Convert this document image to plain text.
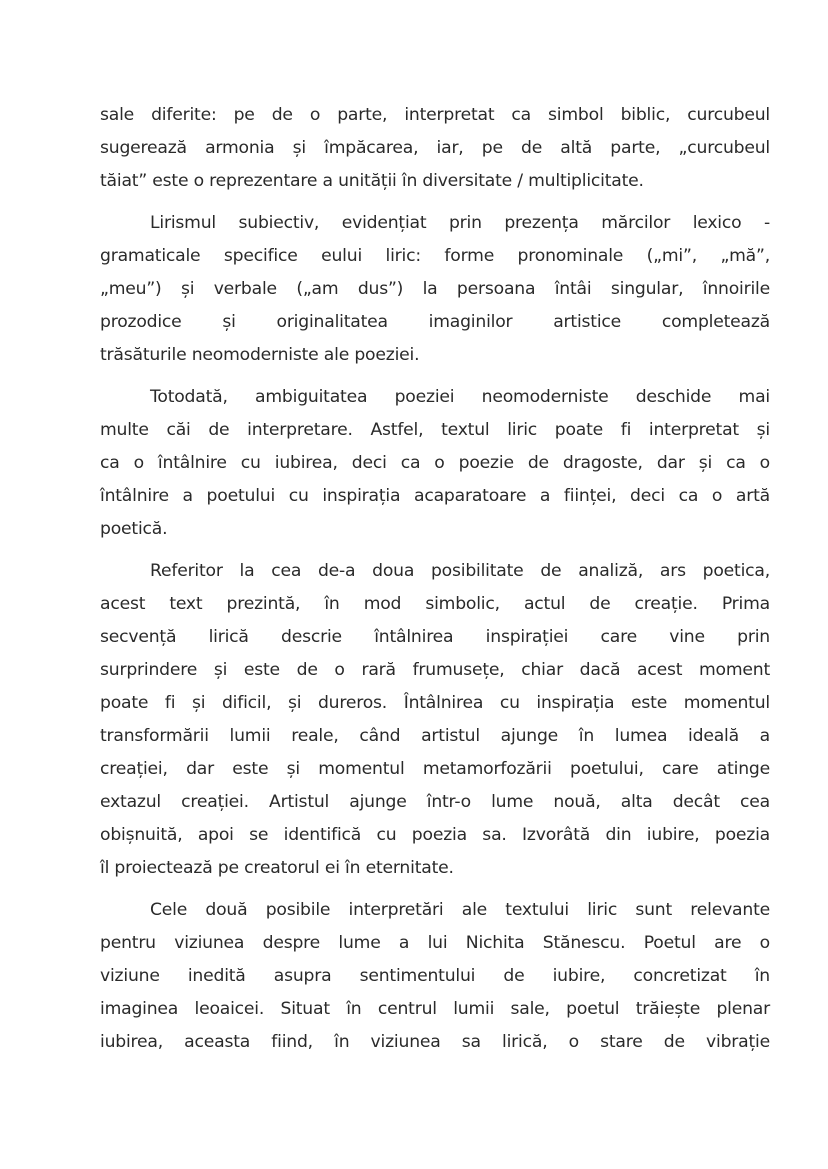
sale diferite: pe de o parte, interpretat ca simbol biblic, curcubeul
sugerează armonia și împăcarea, iar, pe de altă parte, „curcubeul
tăiat” este o reprezentare a unității în diversitate / multiplicitate.
Lirismul subiectiv, evidențiat prin prezența mărcilor lexico -
gramaticale specifice eului liric: forme pronominale („mi”, „mă”,
„meu”) și verbale („am dus”) la persoana întâi singular, înnoirile
prozodice și originalitatea imaginilor artistice completează
trăsăturile neomoderniste ale poeziei.
Totodată, ambiguitatea poeziei neomoderniste deschide mai
multe căi de interpretare. Astfel, textul liric poate fi interpretat și
ca o întâlnire cu iubirea, deci ca o poezie de dragoste, dar și ca o
întâlnire a poetului cu inspirația acaparatoare a ființei, deci ca o artă
poetică.
Referitor la cea de-a doua posibilitate de analiză, ars poetica,
acest text prezintă, în mod simbolic, actul de creație. Prima
secvență lirică descrie întâlnirea inspirației care vine prin
surprindere și este de o rară frumusețe, chiar dacă acest moment
poate fi și dificil, și dureros. Întâlnirea cu inspirația este momentul
transformării lumii reale, când artistul ajunge în lumea ideală a
creației, dar este și momentul metamorfozării poetului, care atinge
extazul creației. Artistul ajunge într-o lume nouă, alta decât cea
obișnuită, apoi se identifică cu poezia sa. Izvorâtă din iubire, poezia
îl proiectează pe creatorul ei în eternitate.
Cele două posibile interpretări ale textului liric sunt relevante
pentru viziunea despre lume a lui Nichita Stănescu. Poetul are o
viziune inedită asupra sentimentului de iubire, concretizat în
imaginea leoaicei. Situat în centrul lumii sale, poetul trăiește plenar
iubirea, aceasta fiind, în viziunea sa lirică, o stare de vibrație
